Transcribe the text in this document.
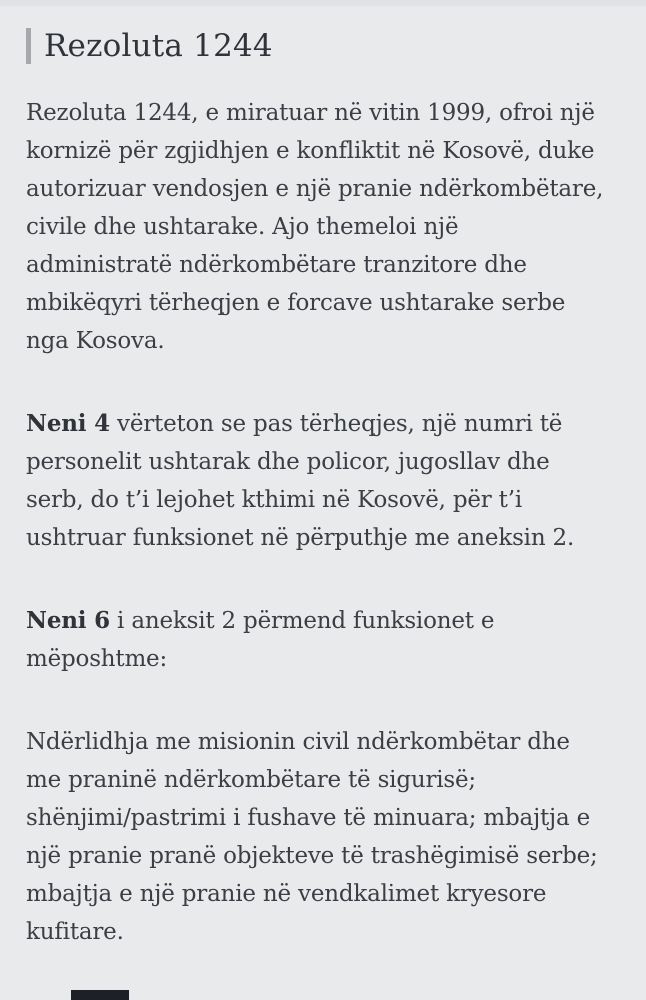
Rezoluta 1244

Rezoluta 1244, e miratuar në vitin 1999, ofroi një kornizë për zgjidhjen e konfliktit në Kosovë, duke autorizuar vendosjen e një pranie ndërkombëtare, civile dhe ushtarake. Ajo themeloi një administratë ndërkombëtare tranzitore dhe mbikëqyri tërheqjen e forcave ushtarake serbe nga Kosova.

Neni 4 vërteton se pas tërheqjes, një numri të personelit ushtarak dhe policor, jugosllav dhe serb, do t’i lejohet kthimi në Kosovë, për t’i ushtruar funksionet në përputhje me aneksin 2.

Neni 6 i aneksit 2 përmend funksionet e mëposhtme:

Ndërlidhja me misionin civil ndërkombëtar dhe me praninë ndërkombëtare të sigurisë; shënjimi/pastrimi i fushave të minuara; mbajtja e një pranie pranë objekteve të trashëgimisë serbe; mbajtja e një pranie në vendkalimet kryesore kufitare.
